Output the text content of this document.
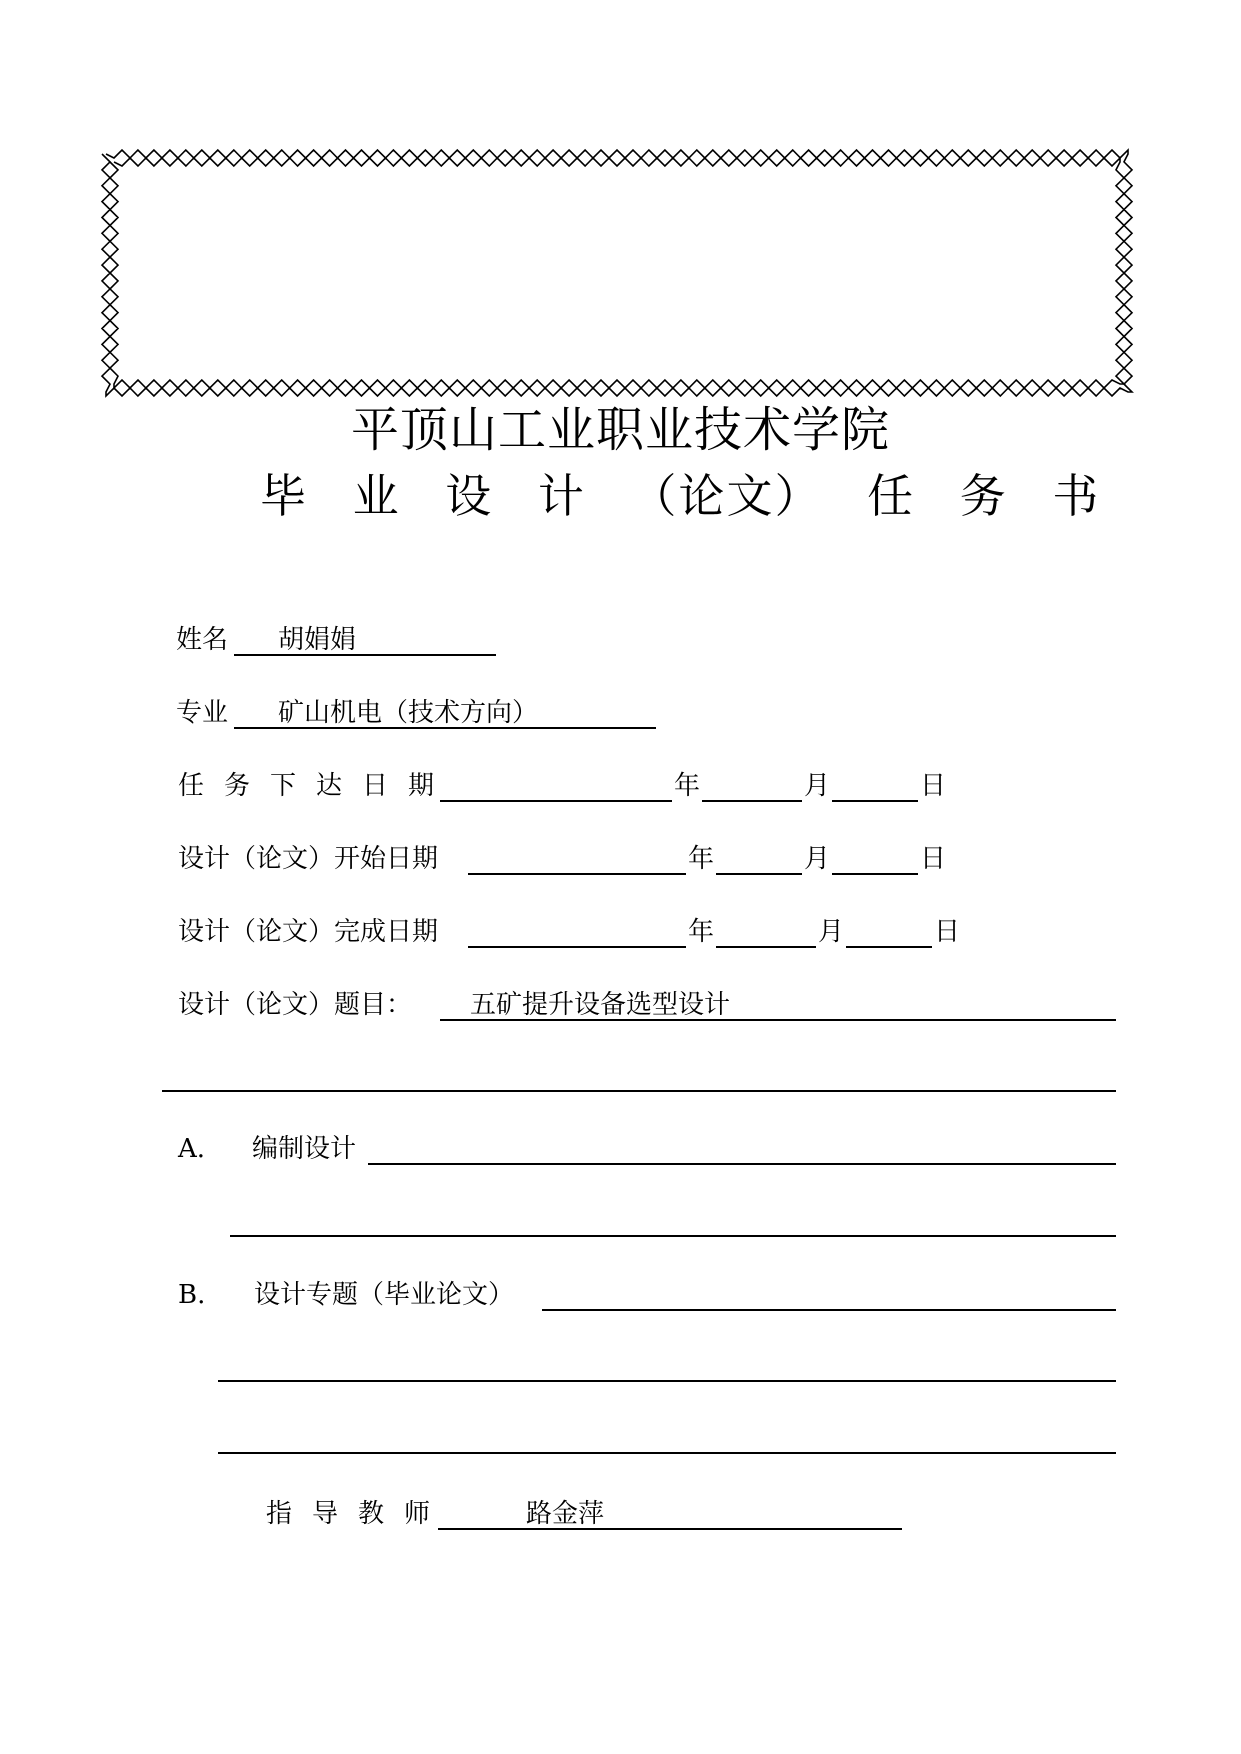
平顶山工业职业技术学院
毕 业 设 计 （论文） 任 务 书
姓名 胡娟娟
专业 矿山机电（技术方向）
任务下达日期	年	月	日
设计（论文）开始日期	年	月	日
设计（论文）完成日期	年	月	日
设计（论文）题目： 五矿提升设备选型设计
A. 编制设计
B. 设计专题（毕业论文）
指导教师	路金萍
